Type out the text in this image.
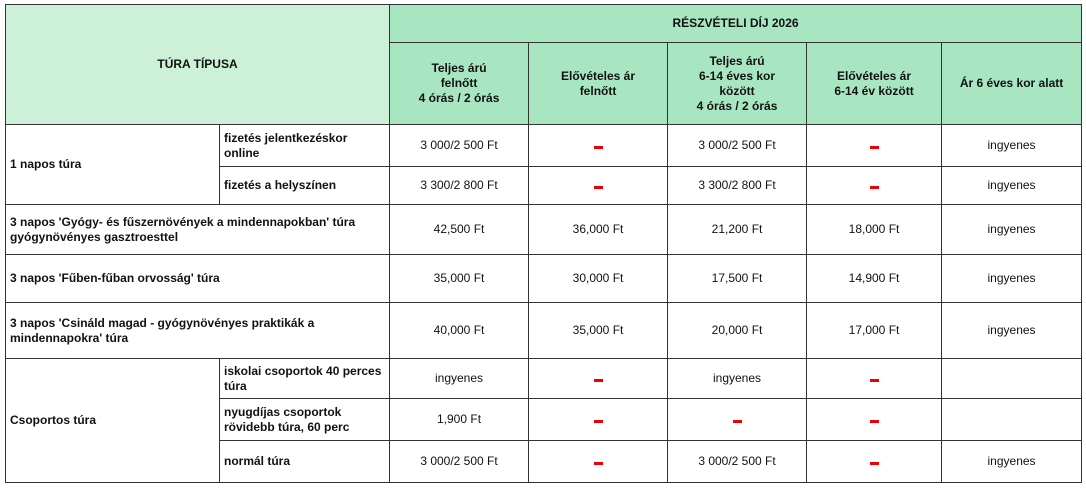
TÚRA TÍPUSA		RÉSZVÉTELI DÍJ 2026				
		Teljes árú
felnőtt
4 órás / 2 órás	Elővételes ár
felnőtt	Teljes árú
6-14 éves kor
között
4 órás / 2 órás	Elővételes ár
6-14 év között	Ár 6 éves kor alatt
1 napos túra	fizetés jelentkezéskor online	3 000/2 500 Ft		3 000/2 500 Ft		ingyenes
	fizetés a helyszínen	3 300/2 800 Ft		3 300/2 800 Ft		ingyenes
3 napos 'Gyógy- és fűszernövények a mindennapokban' túra gyógynövényes gasztroesttel		42,500 Ft	36,000 Ft	21,200 Ft	18,000 Ft	ingyenes
3 napos 'Fűben-fűban orvosság' túra		35,000 Ft	30,000 Ft	17,500 Ft	14,900 Ft	ingyenes
3 napos 'Csináld magad - gyógynövényes praktikák a mindennapokra' túra		40,000 Ft	35,000 Ft	20,000 Ft	17,000 Ft	ingyenes
Csoportos túra	iskolai csoportok 40 perces túra	ingyenes		ingyenes		
	nyugdíjas csoportok rövidebb túra, 60 perc	1,900 Ft				
	normál túra	3 000/2 500 Ft		3 000/2 500 Ft		ingyenes
